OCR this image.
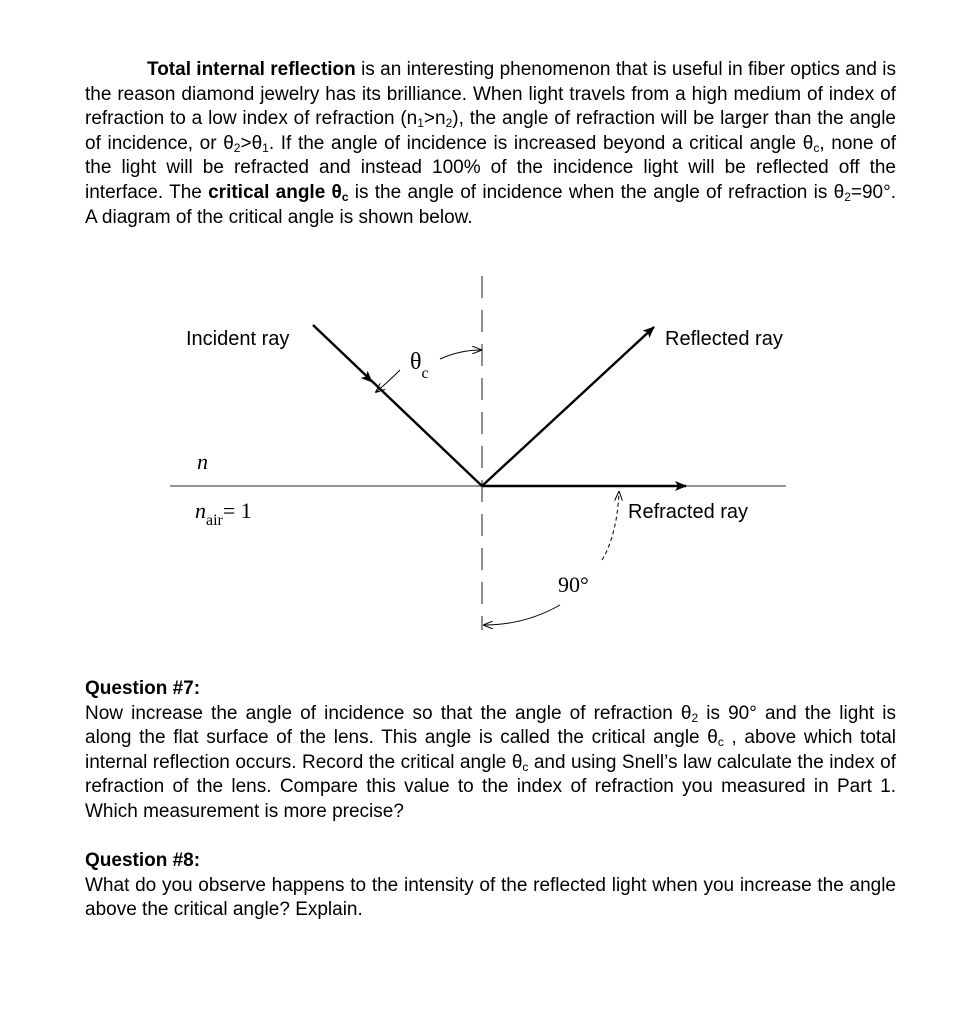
Total internal reflection is an interesting phenomenon that is useful in fiber optics and is the reason diamond jewelry has its brilliance. When light travels from a high medium of index of refraction to a low index of refraction $(n_1>n_2)$, the angle of refraction will be larger than the angle of incidence, or $\theta_2>\theta_1$. If the angle of incidence is increased beyond a critical angle $\theta_c$, none of the light will be refracted and instead 100% of the incidence light will be reflected off the interface. The critical angle $\theta_c$ is the angle of incidence when the angle of refraction is $\theta_2=90^\circ$. A diagram of the critical angle is shown below.

Incident ray	Reflected ray
Refracted ray
θc
n
nair= 1
90°
Question #7:
Now increase the angle of incidence so that the angle of refraction $\theta_2$ is 90° and the light is along the flat surface of the lens. This angle is called the critical angle $\theta_c$ , above which total internal reflection occurs. Record the critical angle $\theta_c$ and using Snell’s law calculate the index of refraction of the lens. Compare this value to the index of refraction you measured in Part 1. Which measurement is more precise?
Question #8:
What do you observe happens to the intensity of the reflected light when you increase the angle above the critical angle? Explain.
